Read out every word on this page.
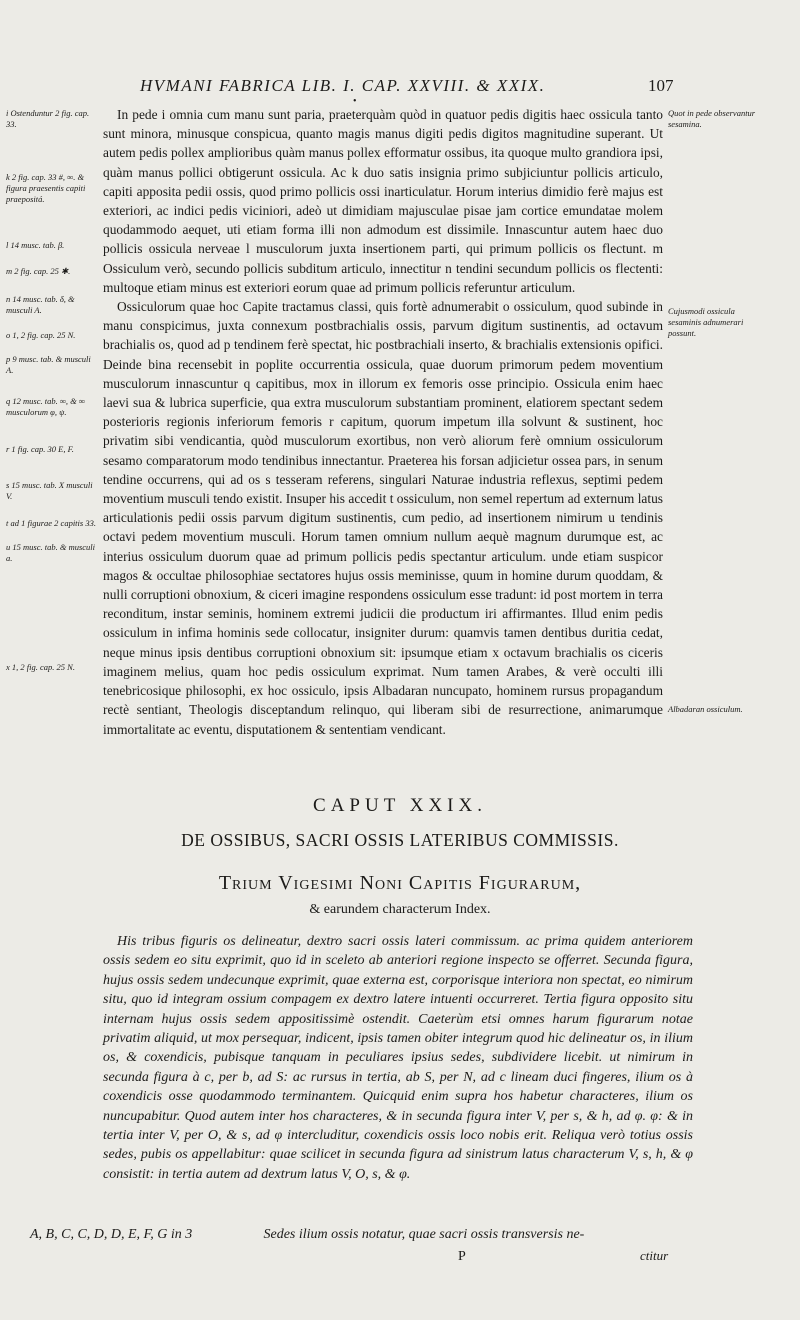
HVMANI FABRICA LIB. I. CAP. XXVIII. & XXIX.	107
•
i Ostenduntur 2 fig. cap. 33.
k 2 fig. cap. 33 #, ∞. & figura praesentis capiti praepositá.
l 14 musc. tab. β.
m 2 fig. cap. 25 ✱.
n 14 musc. tab. δ, & musculi A.
o 1, 2 fig. cap. 25 N.
p 9 musc. tab. & musculi A.
q 12 musc. tab. ∞, & ∞ musculorum φ, ψ.
r 1 fig. cap. 30 E, F.
s 15 musc. tab. X musculi V.
t ad 1 figurae 2 capitis 33.
u 15 musc. tab. & musculi a.
x 1, 2 fig. cap. 25 N.
Quot in pede observantur sesamina.
Cujusmodi ossicula sesaminis adnumerari possunt.
Albadaran ossiculum.

In pede i omnia cum manu sunt paria, praeterquàm quòd in quatuor pedis digitis haec ossicula tanto sunt minora, minusque conspicua, quanto magis manus digiti pedis digitos magnitudine superant. Ut autem pedis pollex amplioribus quàm manus pollex efformatur ossibus, ita quoque multo grandiora ipsi, quàm manus pollici obtigerunt ossicula. Ac k duo satis insignia primo subjiciuntur pollicis articulo, capiti apposita pedii ossis, quod primo pollicis ossi inarticulatur. Horum interius dimidio ferè majus est exteriori, ac indici pedis viciniori, adeò ut dimidiam majusculae pisae jam cortice emundatae molem quodammodo aequet, uti etiam forma illi non admodum est dissimile. Innascuntur autem haec duo pollicis ossicula nerveae l musculorum juxta insertionem parti, qui primum pollicis os flectunt. m Ossiculum verò, secundo pollicis subditum articulo, innectitur n tendini secundum pollicis os flectenti: multoque etiam minus est exteriori eorum quae ad primum pollicis referuntur articulum.

Ossiculorum quae hoc Capite tractamus classi, quis fortè adnumerabit o ossiculum, quod subinde in manu conspicimus, juxta connexum postbrachialis ossis, parvum digitum sustinentis, ad octavum brachialis os, quod ad p tendinem ferè spectat, hic postbrachiali inserto, & brachialis extensionis opifici. Deinde bina recensebit in poplite occurrentia ossicula, quae duorum primorum pedem moventium musculorum innascuntur q capitibus, mox in illorum ex femoris osse principio. Ossicula enim haec laevi sua & lubrica superficie, qua extra musculorum substantiam prominent, elatiorem spectant sedem posterioris regionis inferiorum femoris r capitum, quorum impetum illa solvunt & sustinent, hoc privatim sibi vendicantia, quòd musculorum exortibus, non verò aliorum ferè omnium ossiculorum sesamo comparatorum modo tendinibus innectantur. Praeterea his forsan adjicietur ossea pars, in senum tendine occurrens, qui ad os s tesseram referens, singulari Naturae industria reflexus, septimi pedem moventium musculi tendo existit. Insuper his accedit t ossiculum, non semel repertum ad externum latus articulationis pedii ossis parvum digitum sustinentis, cum pedio, ad insertionem nimirum u tendinis octavi pedem moventium musculi. Horum tamen omnium nullum aequè magnum durumque est, ac interius ossiculum duorum quae ad primum pollicis pedis spectantur articulum. unde etiam suspicor magos & occultae philosophiae sectatores hujus ossis meminisse, quum in homine durum quoddam, & nulli corruptioni obnoxium, & ciceri imagine respondens ossiculum esse tradunt: id post mortem in terra reconditum, instar seminis, hominem extremi judicii die productum iri affirmantes. Illud enim pedis ossiculum in infima hominis sede collocatur, insigniter durum: quamvis tamen dentibus duritia cedat, neque minus ipsis dentibus corruptioni obnoxium sit: ipsumque etiam x octavum brachialis os ciceris imaginem melius, quam hoc pedis ossiculum exprimat. Num tamen Arabes, & verè occulti illi tenebricosique philosophi, ex hoc ossiculo, ipsis Albadaran nuncupato, hominem rursus propagandum rectè sentiant, Theologis disceptandum relinquo, qui liberam sibi de resurrectione, animarumque immortalitate ac eventu, disputationem & sententiam vendicant.

CAPUT XXIX.
DE OSSIBUS, SACRI OSSIS LATERIBUS COMMISSIS.
Trium Vigesimi Noni Capitis Figurarum,
& earundem characterum Index.
His tribus figuris os delineatur, dextro sacri ossis lateri commissum. ac prima quidem anteriorem ossis sedem eo situ exprimit, quo id in sceleto ab anteriori regione inspecto se offerret. Secunda figura, hujus ossis sedem undecunque exprimit, quae externa est, corporisque interiora non spectat, eo nimirum situ, quo id integram ossium compagem ex dextro latere intuenti occurreret. Tertia figura opposito situ internam hujus ossis sedem appositissimè ostendit. Caeterùm etsi omnes harum figurarum notae privatim aliquid, ut mox persequar, indicent, ipsis tamen obiter integrum quod hic delineatur os, in ilium os, & coxendicis, pubisque tanquam in peculiares ipsius sedes, subdividere licebit. ut nimirum in secunda figura à c, per b, ad S: ac rursus in tertia, ab S, per N, ad c lineam duci fingeres, ilium os à coxendicis osse quodammodo terminantem. Quicquid enim supra hos habetur characteres, ilium os nuncupabitur. Quod autem inter hos characteres, & in secunda figura inter V, per s, & h, ad φ. φ: & in tertia inter V, per O, & s, ad φ intercluditur, coxendicis ossis loco nobis erit. Reliqua verò totius ossis sedes, pubis os appellabitur: quae scilicet in secunda figura ad sinistrum latus characterum V, s, h, & φ consistit: in tertia autem ad dextrum latus V, O, s, & φ.
A, B, C, C, D, D, E, F, G in 3	Sedes ilium ossis notatur, quae sacri ossis transversis ne-
P	ctitur
